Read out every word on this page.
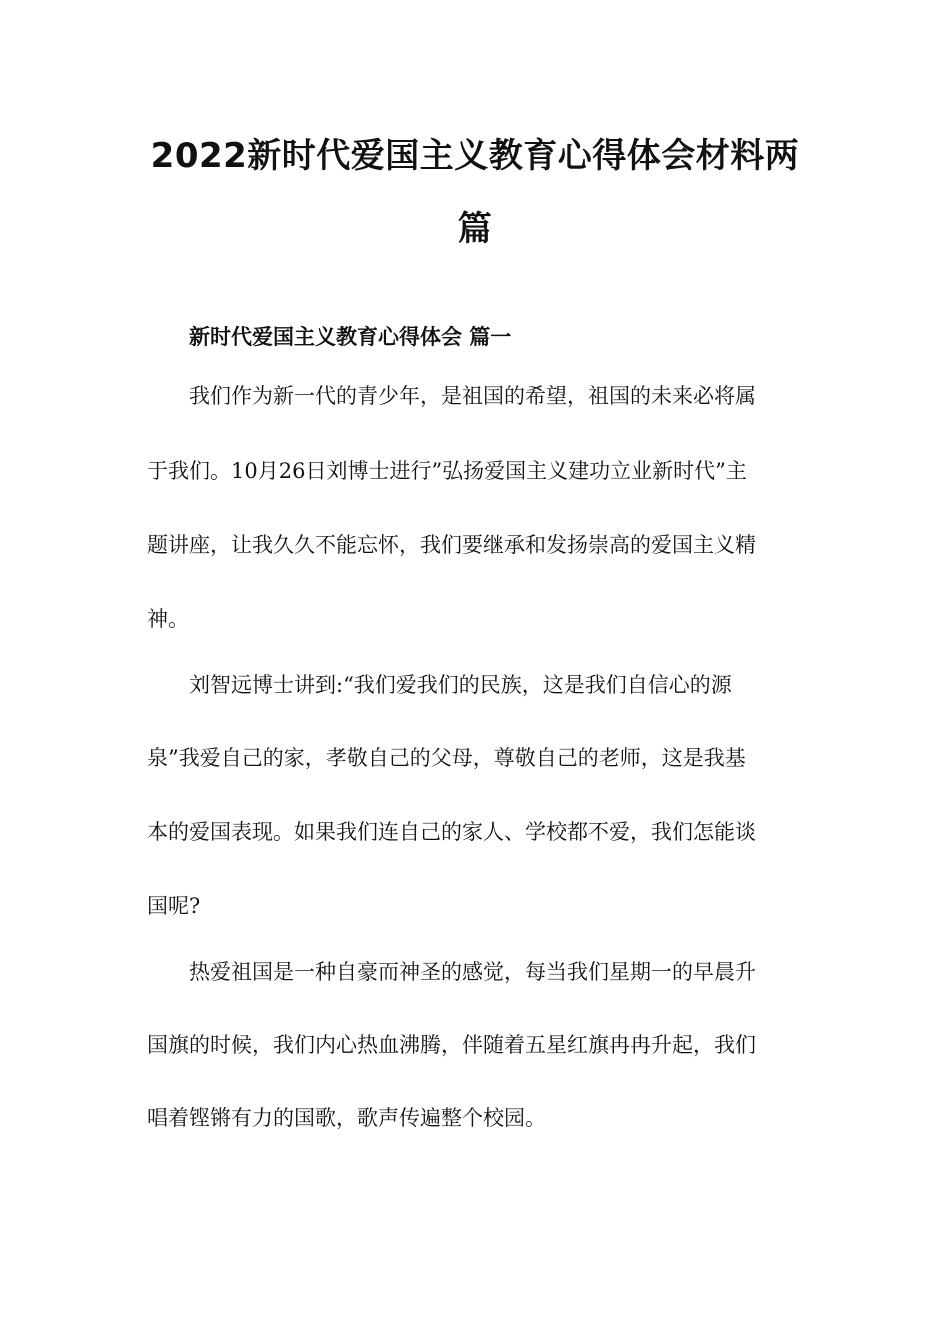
2022新时代爱国主义教育心得体会材料两
篇

新时代爱国主义教育心得体会 篇一

我们作为新一代的青少年，是祖国的希望，祖国的未来必将属

于我们。10月26日刘博士进行”弘扬爱国主义建功立业新时代”主

题讲座，让我久久不能忘怀，我们要继承和发扬崇高的爱国主义精

神。

刘智远博士讲到:“我们爱我们的民族，这是我们自信心的源

泉”我爱自己的家，孝敬自己的父母，尊敬自己的老师，这是我基

本的爱国表现。如果我们连自己的家人、学校都不爱，我们怎能谈

国呢?

热爱祖国是一种自豪而神圣的感觉，每当我们星期一的早晨升

国旗的时候，我们内心热血沸腾，伴随着五星红旗冉冉升起，我们

唱着铿锵有力的国歌，歌声传遍整个校园。
